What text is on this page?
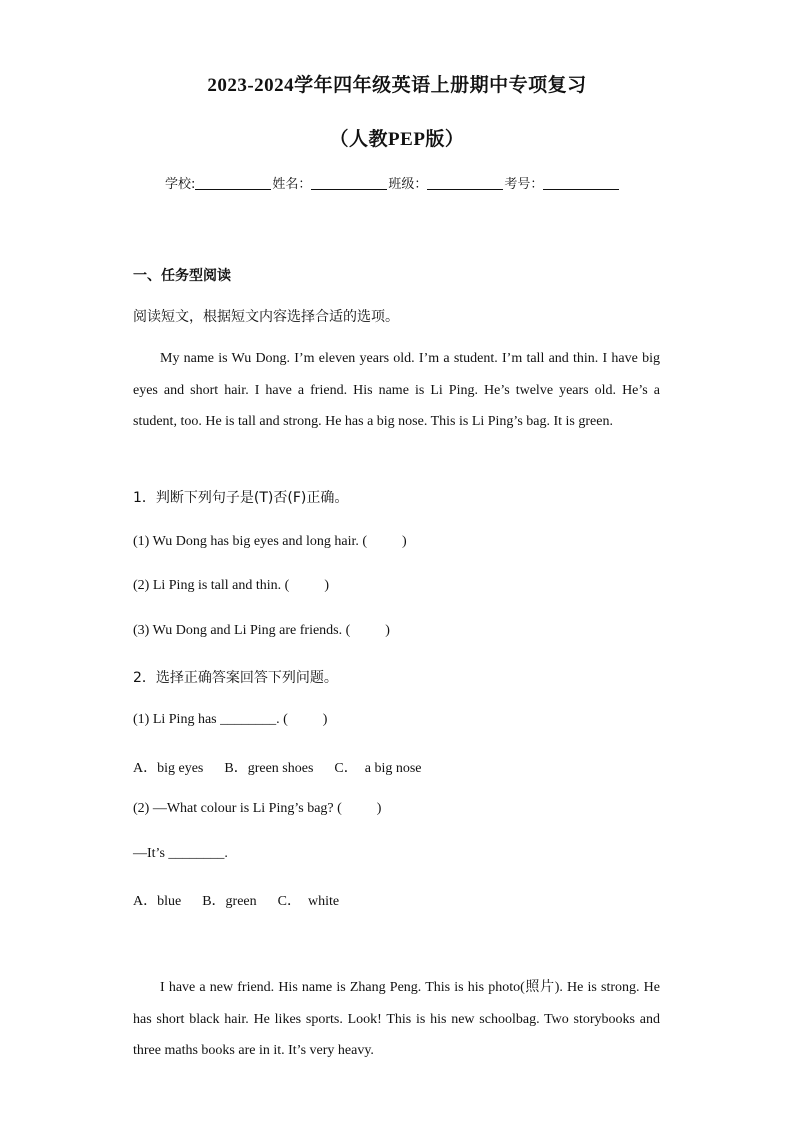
2023-2024学年四年级英语上册期中专项复习
（人教PEP版）
学校:	姓名：	班级：	考号：
一、任务型阅读
阅读短文，根据短文内容选择合适的选项。

My name is Wu Dong. I’m eleven years old. I’m a student. I’m tall and thin. I have big eyes and short hair. I have a friend. His name is Li Ping. He’s twelve years old. He’s a student, too. He is tall and strong. He has a big nose. This is Li Ping’s bag. It is green.

1．判断下列句子是(T)否(F)正确。
(1) Wu Dong has big eyes and long hair. (          )
(2) Li Ping is tall and thin. (          )
(3) Wu Dong and Li Ping are friends. (          )
2．选择正确答案回答下列问题。
(1) Li Ping has ________. (          )
A．big eyes      B．green shoes      C．  a big nose
(2) —What colour is Li Ping’s bag? (          )
—It’s ________.
A．blue      B．green      C．  white

I have a new friend. His name is Zhang Peng. This is his photo(照片). He is strong. He has short black hair. He likes sports. Look! This is his new schoolbag. Two storybooks and three maths books are in it. It’s very heavy.
